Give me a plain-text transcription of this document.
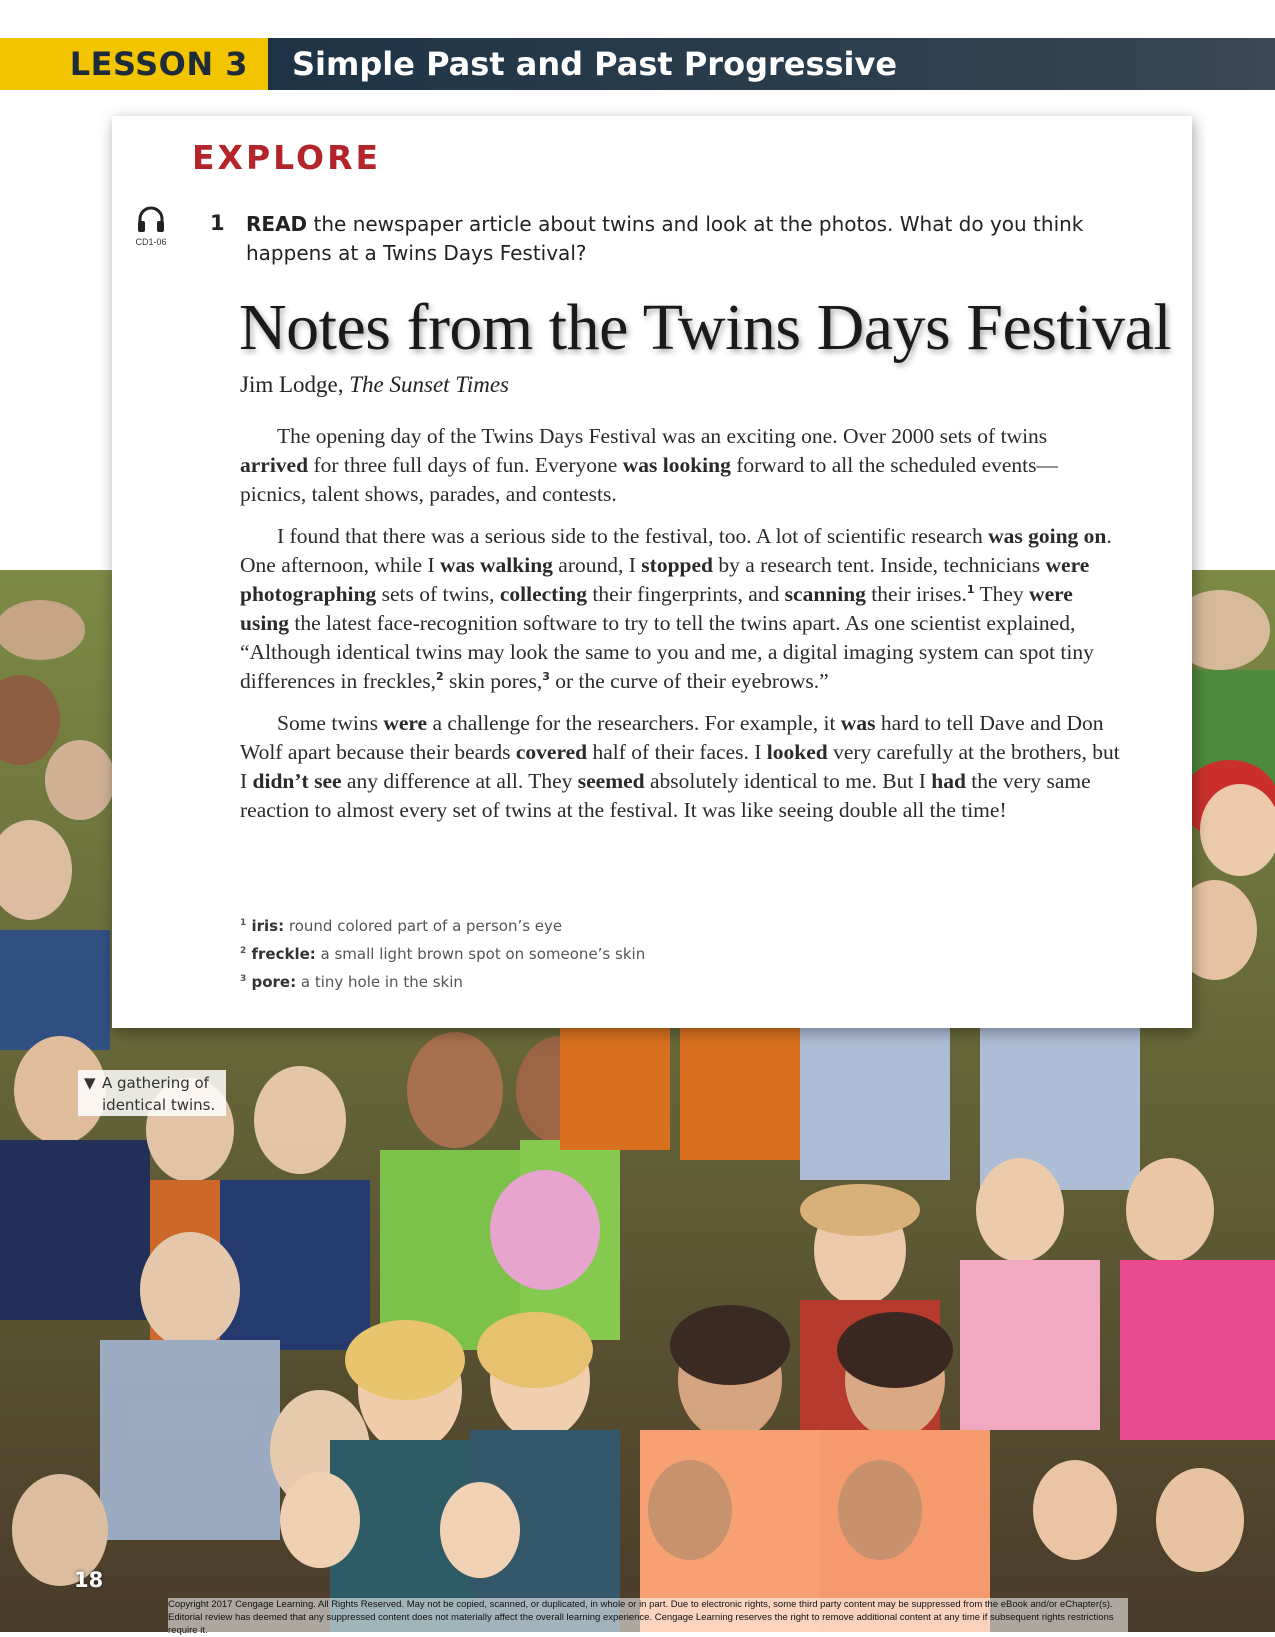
LESSON 3	Simple Past and Past Progressive
EXPLORE
CD1-06
1 READ the newspaper article about twins and look at the photos. What do you think happens at a Twins Days Festival?
Notes from the Twins Days Festival
Jim Lodge, The Sunset Times

The opening day of the Twins Days Festival was an exciting one. Over 2000 sets of twins arrived for three full days of fun. Everyone was looking forward to all the scheduled events—picnics, talent shows, parades, and contests.

I found that there was a serious side to the festival, too. A lot of scientific research was going on. One afternoon, while I was walking around, I stopped by a research tent. Inside, technicians were photographing sets of twins, collecting their fingerprints, and scanning their irises.$^1$ They were using the latest face-recognition software to try to tell the twins apart. As one scientist explained, “Although identical twins may look the same to you and me, a digital imaging system can spot tiny differences in freckles,$^2$ skin pores,$^3$ or the curve of their eyebrows.”

Some twins were a challenge for the researchers. For example, it was hard to tell Dave and Don Wolf apart because their beards covered half of their faces. I looked very carefully at the brothers, but I didn’t see any difference at all. They seemed absolutely identical to me. But I had the very same reaction to almost every set of twins at the festival. It was like seeing double all the time!

$^1$ iris: round colored part of a person’s eye
$^2$ freckle: a small light brown spot on someone’s skin
$^3$ pore: a tiny hole in the skin
▼ A gathering of
identical twins.
18
Copyright 2017 Cengage Learning. All Rights Reserved. May not be copied, scanned, or duplicated, in whole or in part. Due to electronic rights, some third party content may be suppressed from the eBook and/or eChapter(s). Editorial review has deemed that any suppressed content does not materially affect the overall learning experience. Cengage Learning reserves the right to remove additional content at any time if subsequent rights restrictions require it.
